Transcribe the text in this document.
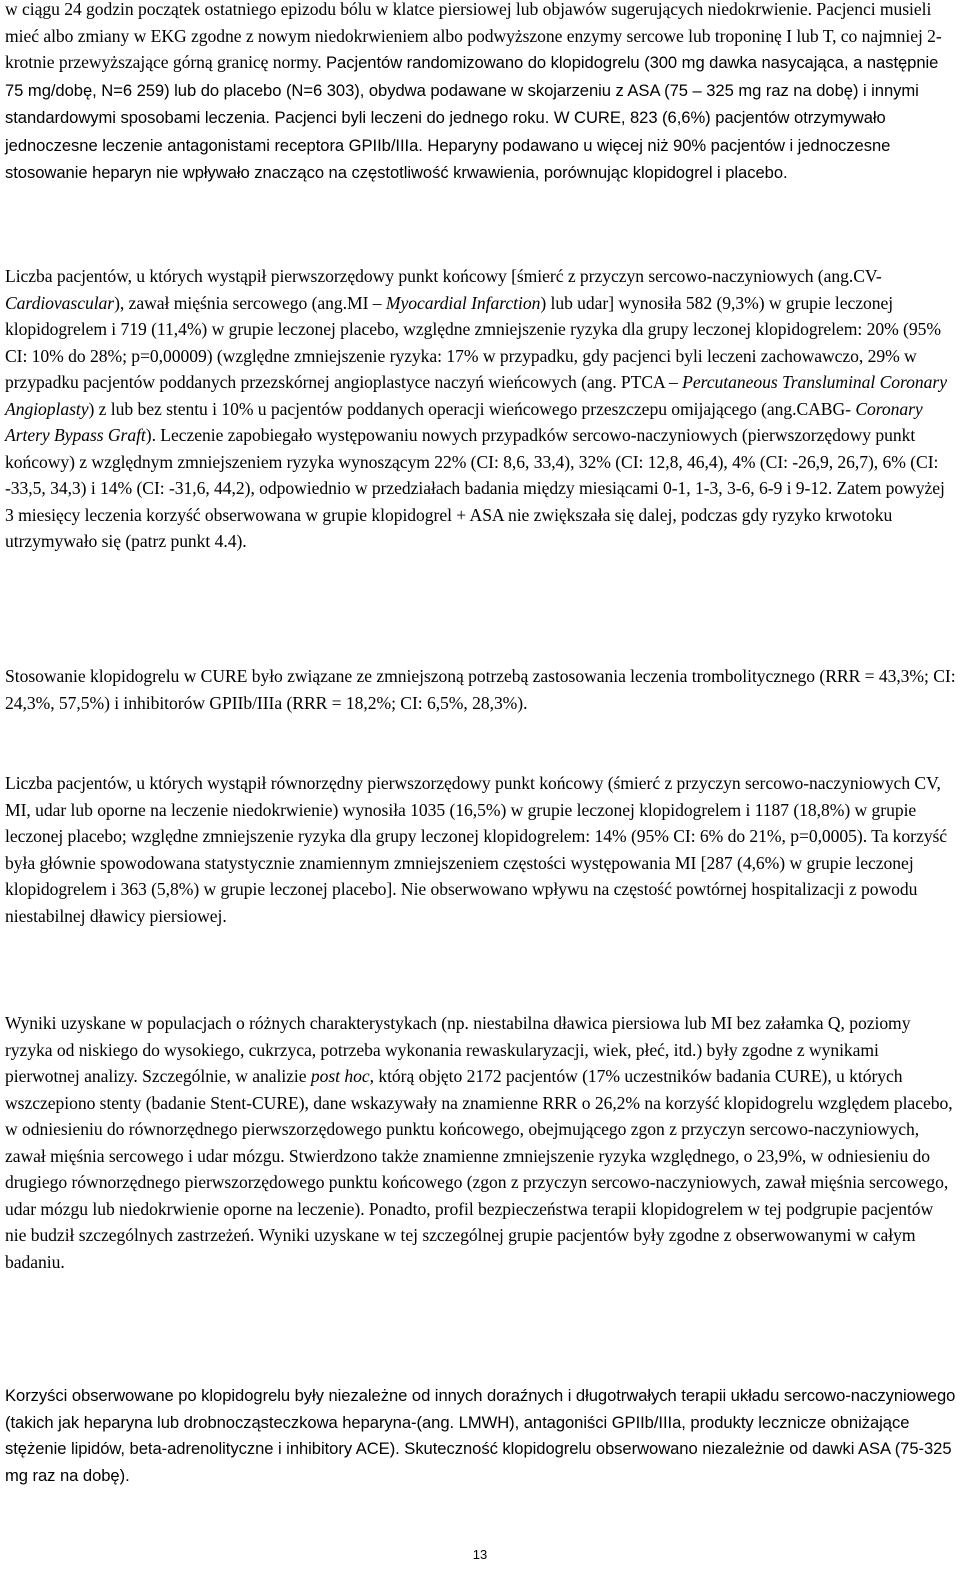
w ciągu 24 godzin początek ostatniego epizodu bólu w klatce piersiowej lub objawów sugerujących niedokrwienie. Pacjenci musieli mieć albo zmiany w EKG zgodne z nowym niedokrwieniem albo podwyższone enzymy sercowe lub troponinę I lub T, co najmniej 2-krotnie przewyższające górną granicę normy. Pacjentów randomizowano do klopidogrelu (300 mg dawka nasycająca, a następnie 75 mg/dobę, N=6 259) lub do placebo (N=6 303), obydwa podawane w skojarzeniu z ASA (75 – 325 mg raz na dobę) i innymi standardowymi sposobami leczenia. Pacjenci byli leczeni do jednego roku. W CURE, 823 (6,6%) pacjentów otrzymywało jednoczesne leczenie antagonistami receptora GPIIb/IIIa. Heparyny podawano u więcej niż 90% pacjentów i jednoczesne stosowanie heparyn nie wpływało znacząco na częstotliwość krwawienia, porównując klopidogrel i placebo.

Liczba pacjentów, u których wystąpił pierwszorzędowy punkt końcowy [śmierć z przyczyn sercowo-naczyniowych (ang.CV- Cardiovascular), zawał mięśnia sercowego (ang.MI – Myocardial Infarction) lub udar] wynosiła 582 (9,3%) w grupie leczonej klopidogrelem i 719 (11,4%) w grupie leczonej placebo, względne zmniejszenie ryzyka dla grupy leczonej klopidogrelem: 20% (95% CI: 10% do 28%; p=0,00009) (względne zmniejszenie ryzyka: 17% w przypadku, gdy pacjenci byli leczeni zachowawczo, 29% w przypadku pacjentów poddanych przezskórnej angioplastyce naczyń wieńcowych (ang. PTCA – Percutaneous Transluminal Coronary Angioplasty) z lub bez stentu i 10% u pacjentów poddanych operacji wieńcowego przeszczepu omijającego (ang.CABG- Coronary Artery Bypass Graft). Leczenie zapobiegało występowaniu nowych przypadków sercowo-naczyniowych (pierwszorzędowy punkt końcowy) z względnym zmniejszeniem ryzyka wynoszącym 22% (CI: 8,6, 33,4), 32% (CI: 12,8, 46,4), 4% (CI: -26,9, 26,7), 6% (CI: -33,5, 34,3) i 14% (CI: -31,6, 44,2), odpowiednio w przedziałach badania między miesiącami 0-1, 1-3, 3-6, 6-9 i 9-12. Zatem powyżej 3 miesięcy leczenia korzyść obserwowana w grupie klopidogrel + ASA nie zwiększała się dalej, podczas gdy ryzyko krwotoku utrzymywało się (patrz punkt 4.4).

Stosowanie klopidogrelu w CURE było związane ze zmniejszoną potrzebą zastosowania leczenia trombolitycznego (RRR = 43,3%; CI: 24,3%, 57,5%) i inhibitorów GPIIb/IIIa (RRR = 18,2%; CI: 6,5%, 28,3%).

Liczba pacjentów, u których wystąpił równorzędny pierwszorzędowy punkt końcowy (śmierć z przyczyn sercowo-naczyniowych CV, MI, udar lub oporne na leczenie niedokrwienie) wynosiła 1035 (16,5%) w grupie leczonej klopidogrelem i 1187 (18,8%) w grupie leczonej placebo; względne zmniejszenie ryzyka dla grupy leczonej klopidogrelem: 14% (95% CI: 6% do 21%, p=0,0005). Ta korzyść była głównie spowodowana statystycznie znamiennym zmniejszeniem częstości występowania MI [287 (4,6%) w grupie leczonej klopidogrelem i 363 (5,8%) w grupie leczonej placebo]. Nie obserwowano wpływu na częstość powtórnej hospitalizacji z powodu niestabilnej dławicy piersiowej.

Wyniki uzyskane w populacjach o różnych charakterystykach (np. niestabilna dławica piersiowa lub MI bez załamka Q, poziomy ryzyka od niskiego do wysokiego, cukrzyca, potrzeba wykonania rewaskularyzacji, wiek, płeć, itd.) były zgodne z wynikami pierwotnej analizy. Szczególnie, w analizie post hoc, którą objęto 2172 pacjentów (17% uczestników badania CURE), u których wszczepiono stenty (badanie Stent-CURE), dane wskazywały na znamienne RRR o 26,2% na korzyść klopidogrelu względem placebo, w odniesieniu do równorzędnego pierwszorzędowego punktu końcowego, obejmującego zgon z przyczyn sercowo-naczyniowych, zawał mięśnia sercowego i udar mózgu. Stwierdzono także znamienne zmniejszenie ryzyka względnego, o 23,9%, w odniesieniu do drugiego równorzędnego pierwszorzędowego punktu końcowego (zgon z przyczyn sercowo-naczyniowych, zawał mięśnia sercowego, udar mózgu lub niedokrwienie oporne na leczenie). Ponadto, profil bezpieczeństwa terapii klopidogrelem w tej podgrupie pacjentów nie budził szczególnych zastrzeżeń. Wyniki uzyskane w tej szczególnej grupie pacjentów były zgodne z obserwowanymi w całym badaniu.

Korzyści obserwowane po klopidogrelu były niezależne od innych doraźnych i długotrwałych terapii układu sercowo-naczyniowego (takich jak heparyna lub drobnocząsteczkowa heparyna-(ang. LMWH), antagoniści GPIIb/IIIa, produkty lecznicze obniżające stężenie lipidów, beta-adrenolityczne i inhibitory ACE). Skuteczność klopidogrelu obserwowano niezależnie od dawki ASA (75-325 mg raz na dobę).

13
